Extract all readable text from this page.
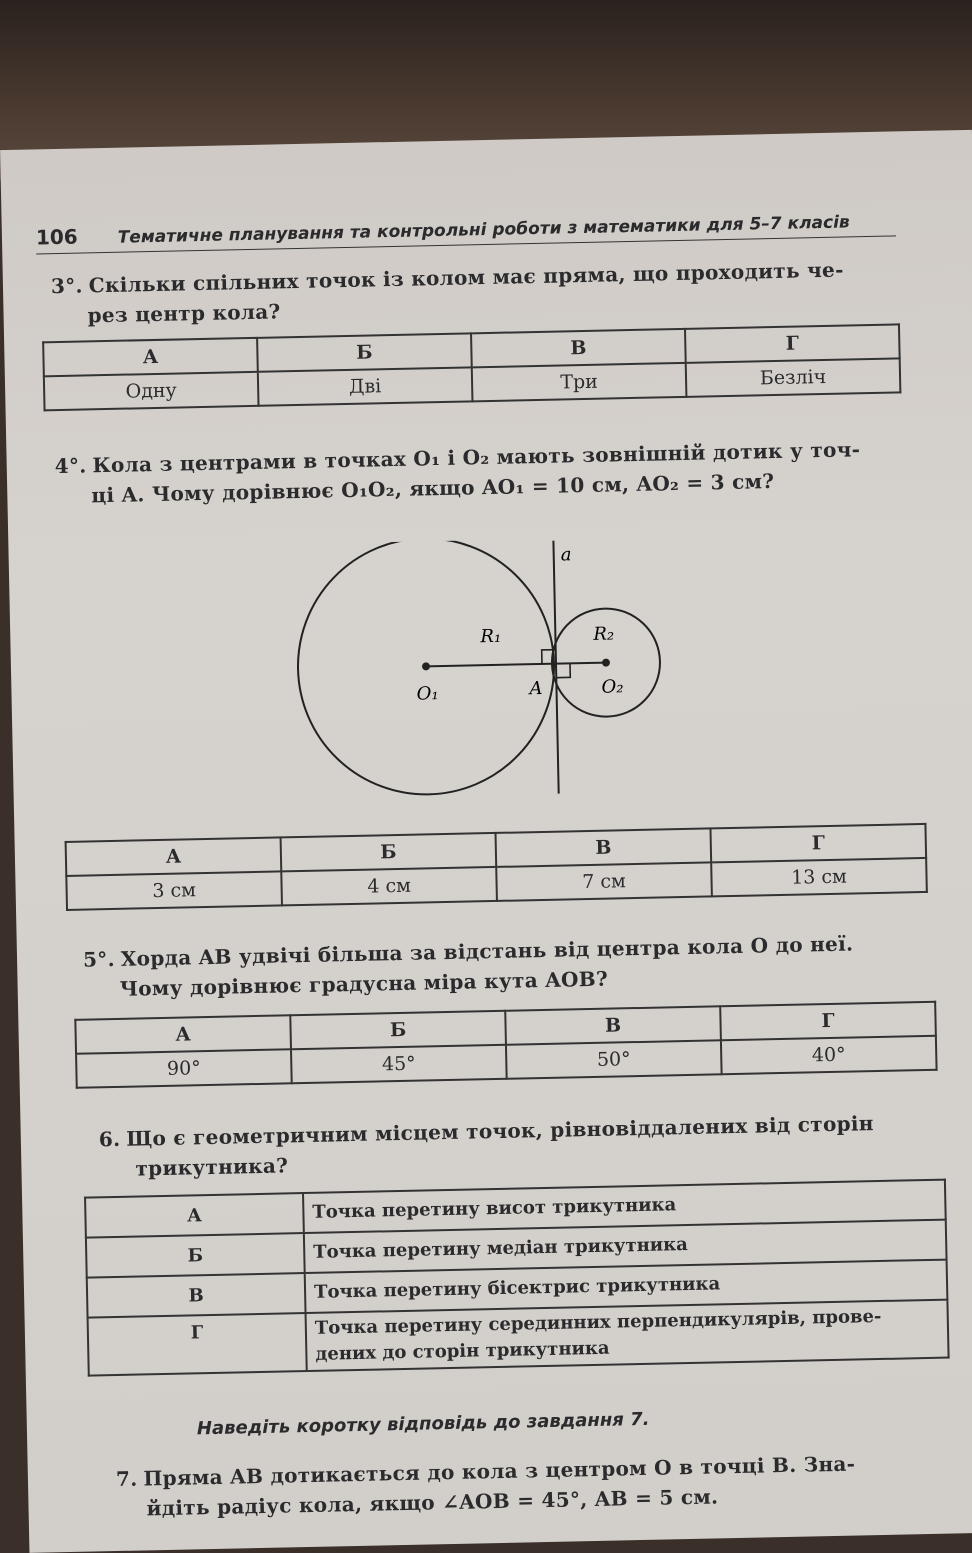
106 Тематичне планування та контрольні роботи з математики для 5–7 класів
3°. Скільки спільних точок із колом має пряма, що проходить че-
рез центр кола?
А	Б	В	Г
Одну	Дві	Три	Безліч
4°. Кола з центрами в точках O₁ і O₂ мають зовнішній дотик у точ-
ці A. Чому дорівнює O₁O₂, якщо AO₁ = 10 см, AO₂ = 3 см?
a
R₁	R₂
O₁	A	O₂
А	Б	В	Г
3 см	4 см	7 см	13 см
5°. Хорда AB удвічі більша за відстань від центра кола O до неї.
Чому дорівнює градусна міра кута AOB?
А	Б	В	Г
90°	45°	50°	40°
6. Що є геометричним місцем точок, рівновіддалених від сторін
трикутника?
А	Точка перетину висот трикутника
Б	Точка перетину медіан трикутника
В	Точка перетину бісектрис трикутника
Г	Точка перетину серединних перпендикулярів, прове- дених до сторін трикутника
Наведіть коротку відповідь до завдання 7.
7. Пряма AB дотикається до кола з центром O в точці B. Зна-
йдіть радіус кола, якщо ∠AOB = 45°, AB = 5 см.
